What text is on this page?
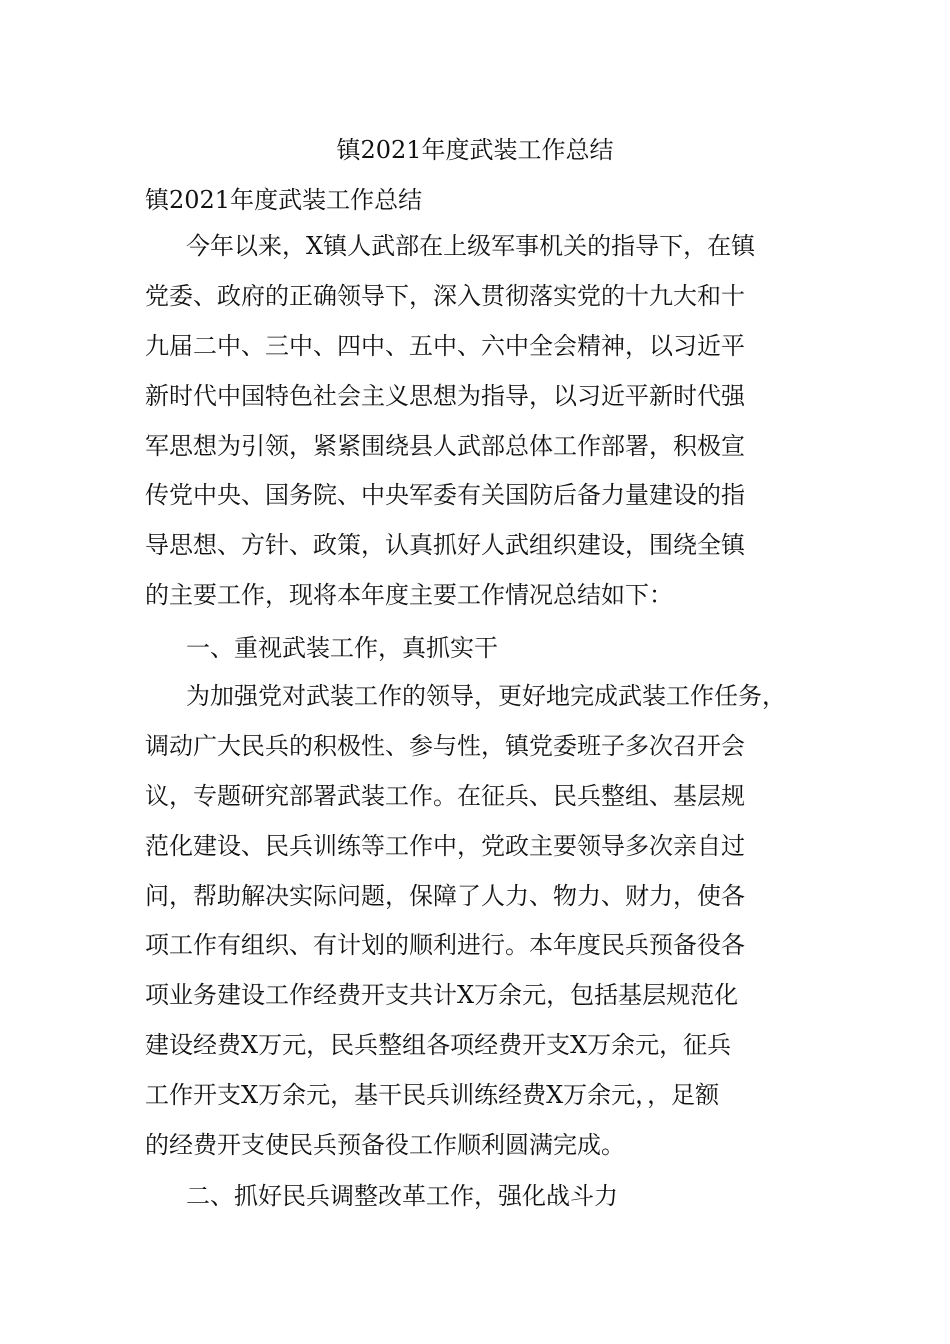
镇2021年度武装工作总结

镇2021年度武装工作总结

今年以来，X镇人武部在上级军事机关的指导下，在镇
党委、政府的正确领导下，深入贯彻落实党的十九大和十
九届二中、三中、四中、五中、六中全会精神，以习近平
新时代中国特色社会主义思想为指导，以习近平新时代强
军思想为引领，紧紧围绕县人武部总体工作部署，积极宣
传党中央、国务院、中央军委有关国防后备力量建设的指
导思想、方针、政策，认真抓好人武组织建设，围绕全镇
的主要工作，现将本年度主要工作情况总结如下：

一、重视武装工作，真抓实干

为加强党对武装工作的领导，更好地完成武装工作任务，
调动广大民兵的积极性、参与性，镇党委班子多次召开会
议，专题研究部署武装工作。在征兵、民兵整组、基层规
范化建设、民兵训练等工作中，党政主要领导多次亲自过
问，帮助解决实际问题，保障了人力、物力、财力，使各
项工作有组织、有计划的顺利进行。本年度民兵预备役各
项业务建设工作经费开支共计X万余元，包括基层规范化
建设经费X万元，民兵整组各项经费开支X万余元，征兵
工作开支X万余元，基干民兵训练经费X万余元，，足额
的经费开支使民兵预备役工作顺利圆满完成。

二、抓好民兵调整改革工作，强化战斗力
